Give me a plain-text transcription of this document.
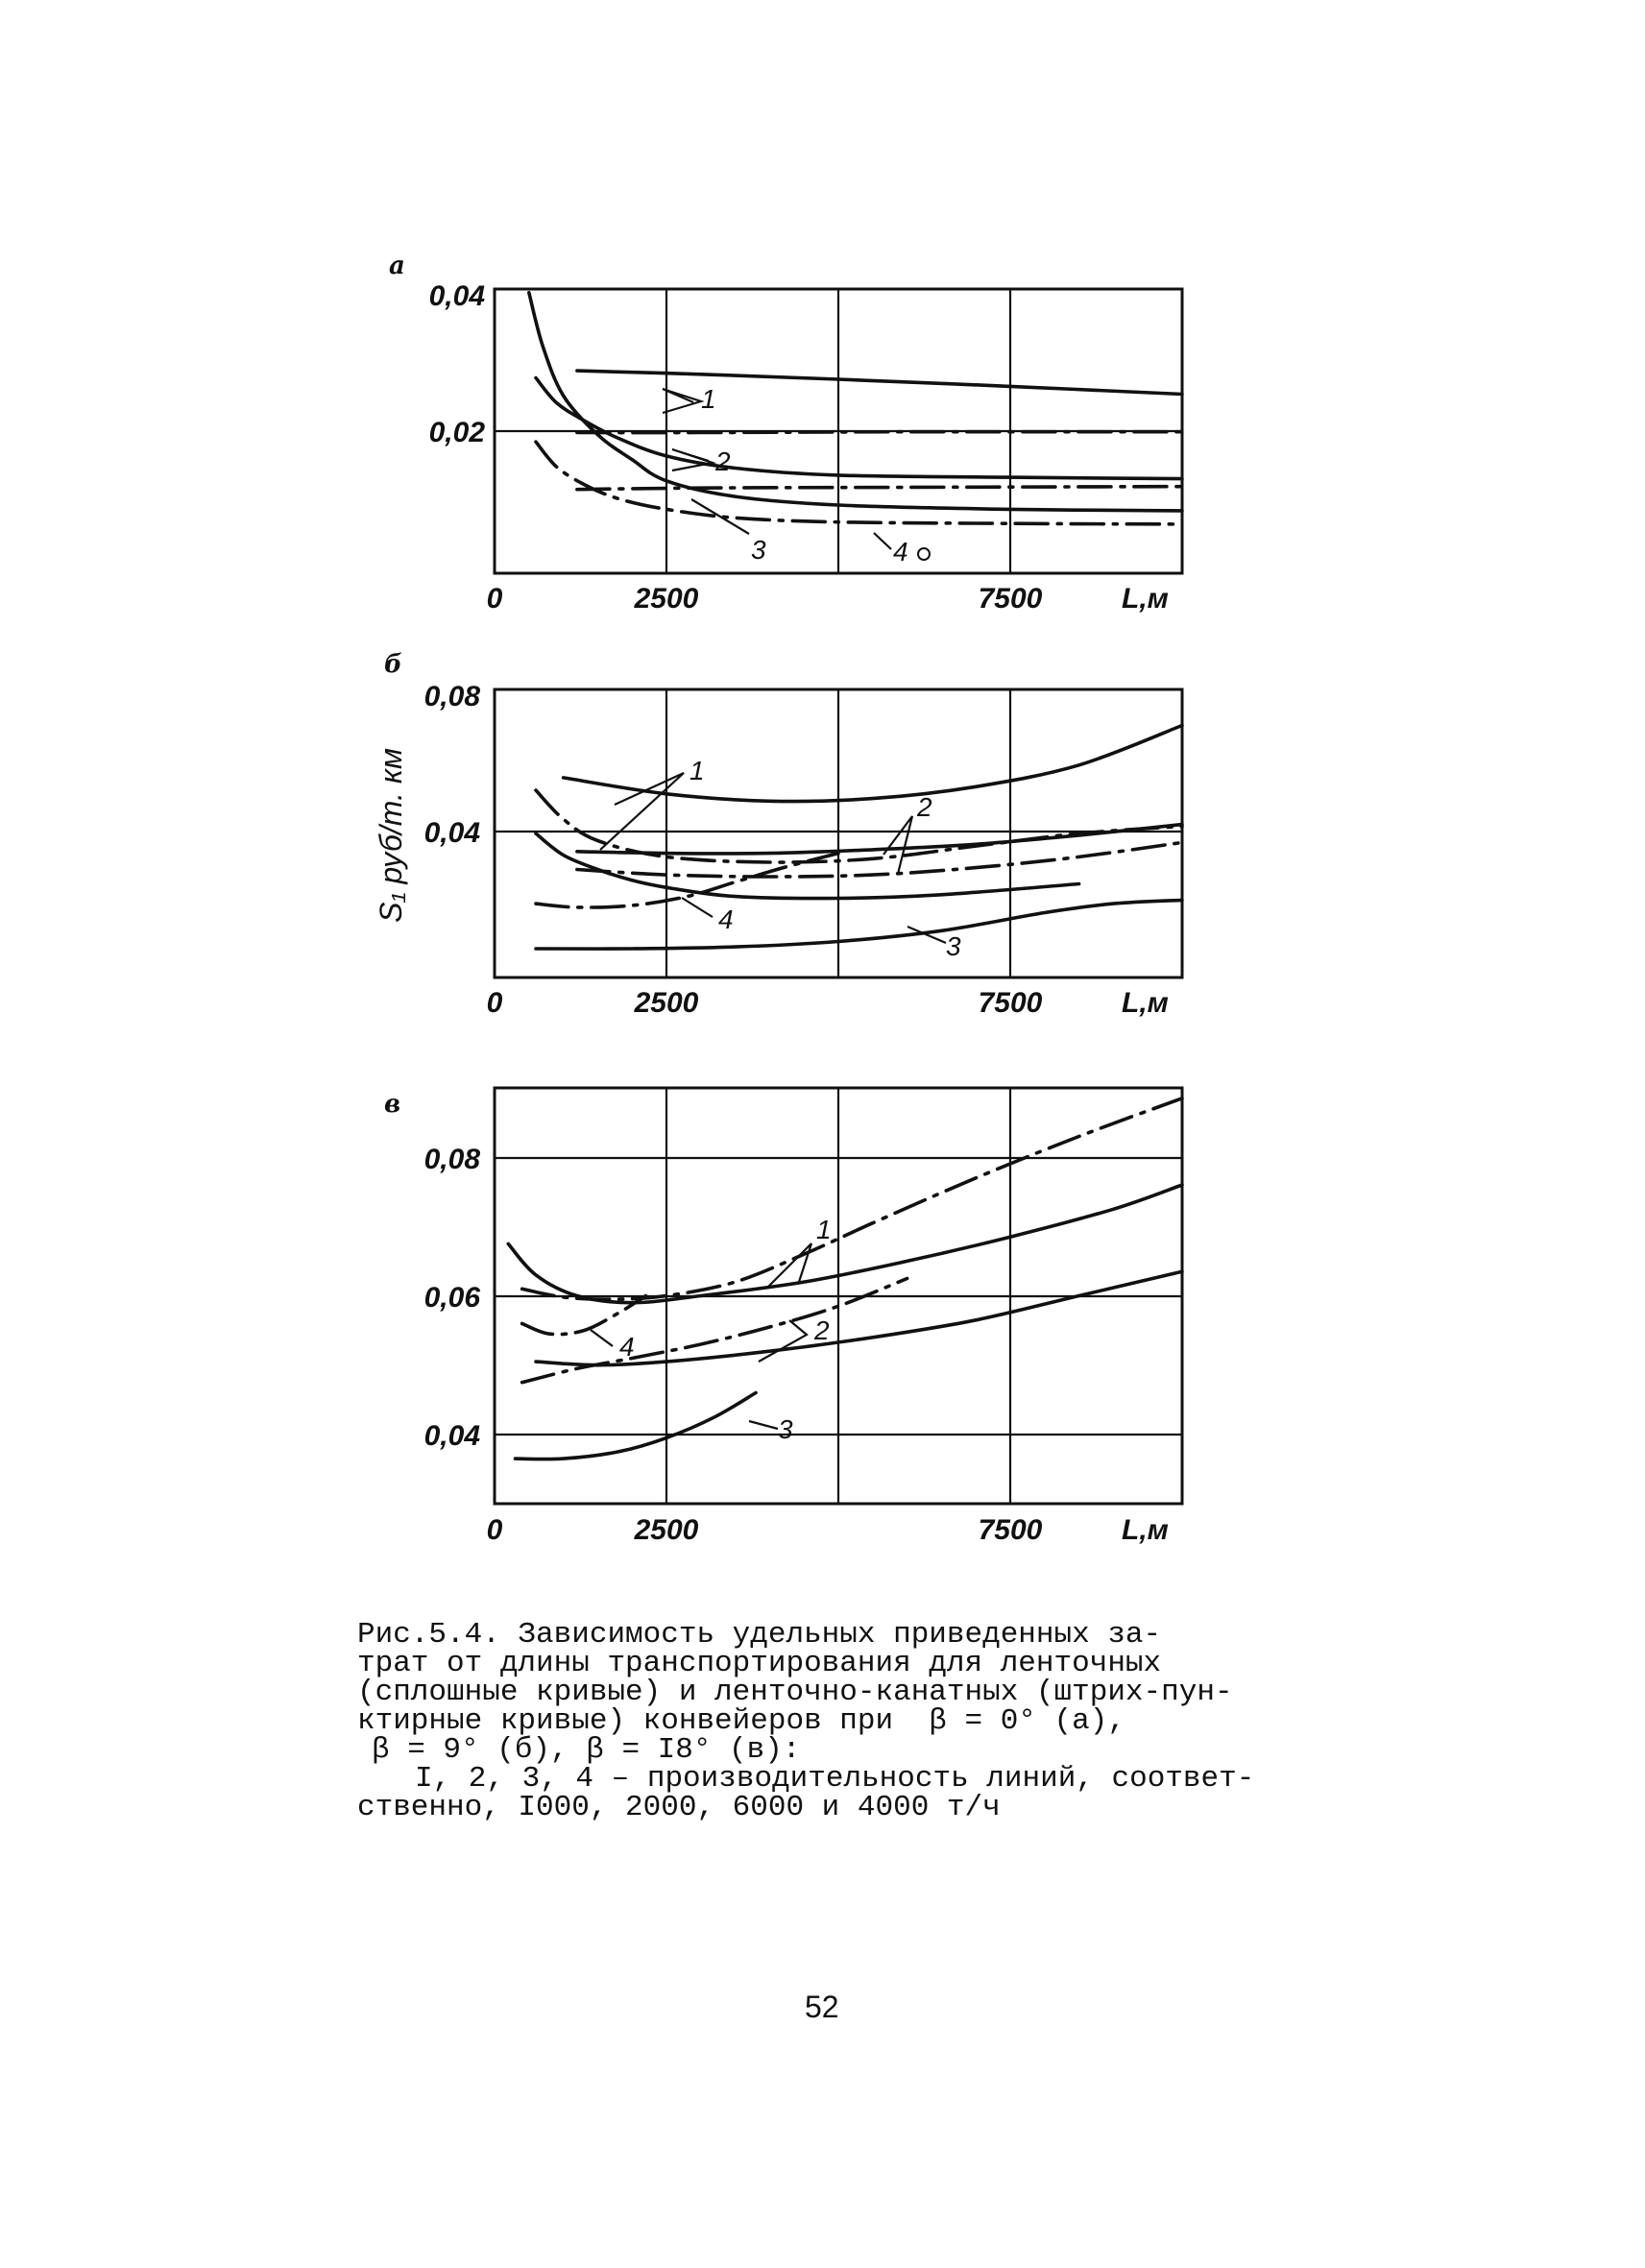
а
1
2
3	4
0,04
0,02
0	2500	7500	L,м
б
1
2
3
4
0,08
0,04
0	2500	7500	L,м
S₁ руб/т. км
в
1
2
3
4
0,08
0,06
0,04
0	2500	7500	L,м
Рис.5.4. Зависимость удельных приведенных за-
трат от длины транспортирования для ленточных
(сплошные кривые) и ленточно-канатных (штрих-пун-
ктирные кривые) конвейеров при  β = 0° (а),
β = 9° (б), β = I8° (в):
I, 2, 3, 4 – производительность линий, соответ-
ственно, I000, 2000, 6000 и 4000 т/ч
52
